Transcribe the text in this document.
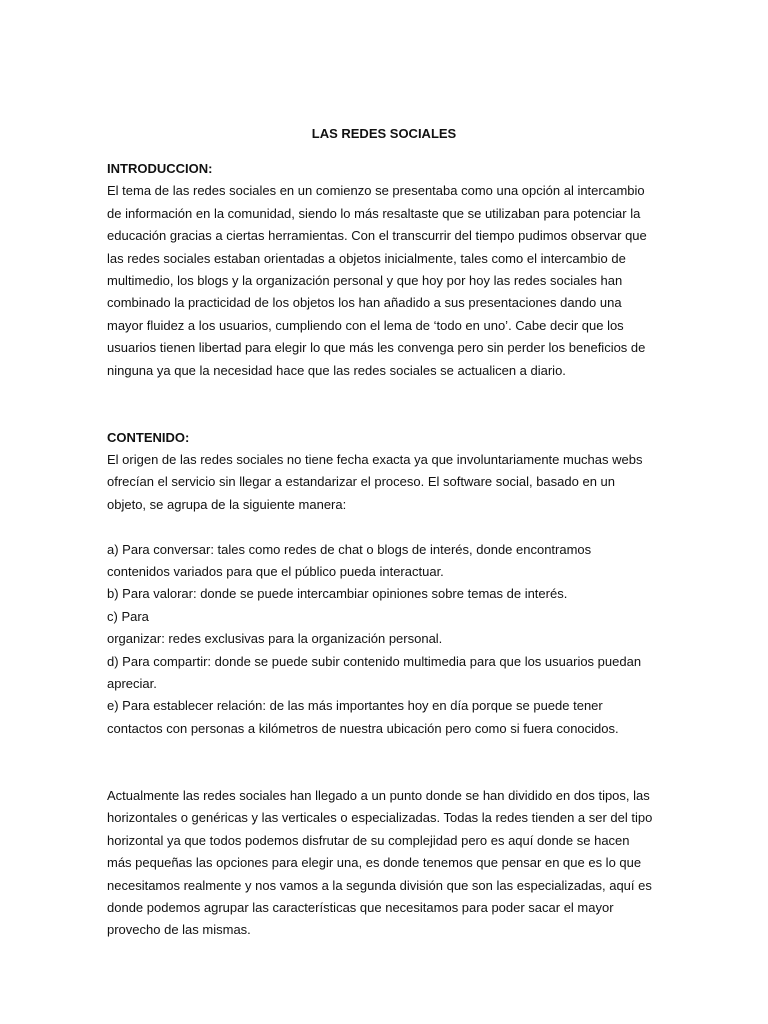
LAS REDES SOCIALES
INTRODUCCION:
El tema de las redes sociales en un comienzo se presentaba como una opción al intercambio
de información en la comunidad, siendo lo más resaltaste que se utilizaban para potenciar la
educación gracias a ciertas herramientas. Con el transcurrir del tiempo pudimos observar que
las redes sociales estaban orientadas a objetos inicialmente, tales como el intercambio de
multimedio, los blogs y la organización personal y que hoy por hoy las redes sociales han
combinado la practicidad de los objetos los han añadido a sus presentaciones dando una
mayor fluidez a los usuarios, cumpliendo con el lema de ‘todo en uno’. Cabe decir que los
usuarios tienen libertad para elegir lo que más les convenga pero sin perder los beneficios de
ninguna ya que la necesidad hace que las redes sociales se actualicen a diario.
CONTENIDO:
El origen de las redes sociales no tiene fecha exacta ya que involuntariamente muchas webs
ofrecían el servicio sin llegar a estandarizar el proceso. El software social, basado en un
objeto, se agrupa de la siguiente manera:
a) Para conversar: tales como redes de chat o blogs de interés, donde encontramos
contenidos variados para que el público pueda interactuar.
b) Para valorar: donde se puede intercambiar opiniones sobre temas de interés.
c) Para
organizar: redes exclusivas para la organización personal.
d) Para compartir: donde se puede subir contenido multimedia para que los usuarios puedan
apreciar.
e) Para establecer relación: de las más importantes hoy en día porque se puede tener
contactos con personas a kilómetros de nuestra ubicación pero como si fuera conocidos.
Actualmente las redes sociales han llegado a un punto donde se han dividido en dos tipos, las
horizontales o genéricas y las verticales o especializadas. Todas la redes tienden a ser del tipo
horizontal ya que todos podemos disfrutar de su complejidad pero es aquí donde se hacen
más pequeñas las opciones para elegir una, es donde tenemos que pensar en que es lo que
necesitamos realmente y nos vamos a la segunda división que son las especializadas, aquí es
donde podemos agrupar las características que necesitamos para poder sacar el mayor
provecho de las mismas.
